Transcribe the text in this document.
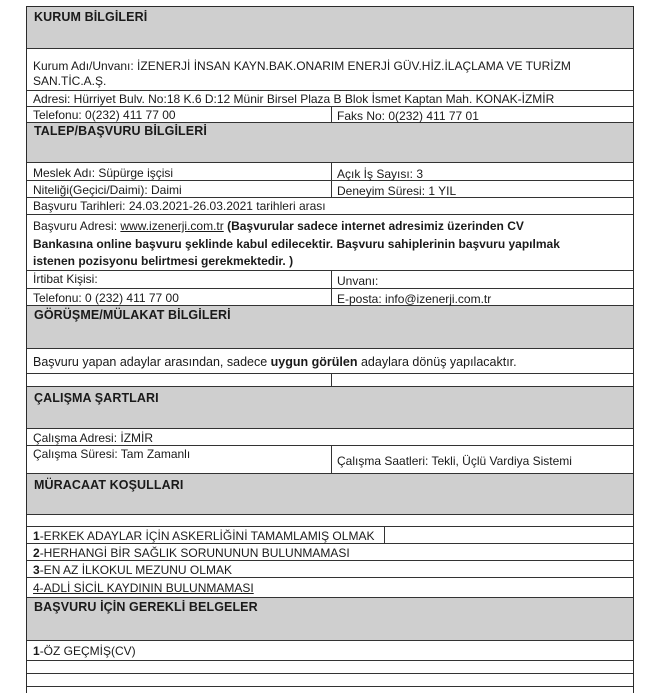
KURUM BİLGİLERİ
Kurum Adı/Unvanı: İZENERJİ İNSAN KAYN.BAK.ONARIM ENERJİ GÜV.HİZ.İLAÇLAMA VE TURİZM
SAN.TİC.A.Ş.
Adresi: Hürriyet Bulv. No:18 K.6 D:12 Münir Birsel Plaza B Blok İsmet Kaptan Mah. KONAK-İZMİR
Telefonu: 0(232) 411 77 00	Faks No: 0(232) 411 77 01
TALEP/BAŞVURU BİLGİLERİ
Meslek Adı: Süpürge işçisi	Açık İş Sayısı: 3
Niteliği(Geçici/Daimi): Daimi	Deneyim Süresi: 1 YIL
Başvuru Tarihleri: 24.03.2021-26.03.2021 tarihleri arası
Başvuru Adresi: www.izenerji.com.tr (Başvurular sadece internet adresimiz üzerinden CV
Bankasına online başvuru şeklinde kabul edilecektir. Başvuru sahiplerinin başvuru yapılmak
istenen pozisyonu belirtmesi gerekmektedir. )
İrtibat Kişisi:	Unvanı:
Telefonu: 0 (232) 411 77 00	E-posta: info@izenerji.com.tr
GÖRÜŞME/MÜLAKAT BİLGİLERİ
Başvuru yapan adaylar arasından, sadece uygun görülen adaylara dönüş yapılacaktır.
ÇALIŞMA ŞARTLARI
Çalışma Adresi: İZMİR
Çalışma Süresi: Tam Zamanlı	Çalışma Saatleri: Tekli, Üçlü Vardiya Sistemi
MÜRACAAT KOŞULLARI
1-ERKEK ADAYLAR İÇİN ASKERLİĞİNİ TAMAMLAMIŞ OLMAK
2-HERHANGİ BİR SAĞLIK SORUNUNUN BULUNMAMASI
3-EN AZ İLKOKUL MEZUNU OLMAK
4-ADLİ SİCİL KAYDININ BULUNMAMASI
BAŞVURU İÇİN GEREKLİ BELGELER
1-ÖZ GEÇMİŞ(CV)
